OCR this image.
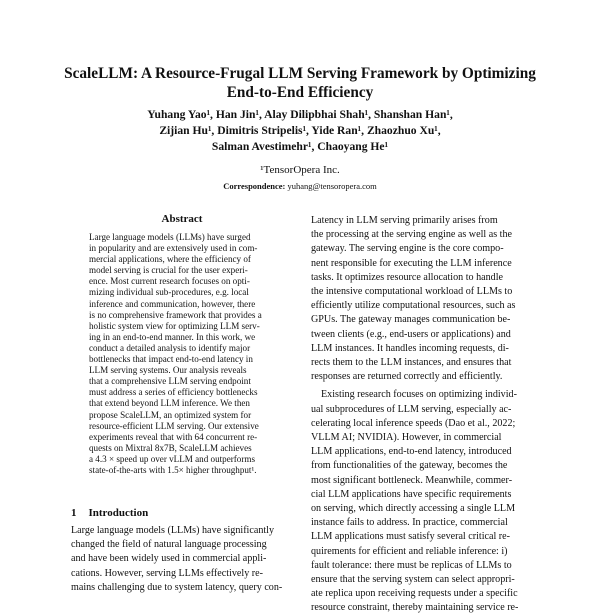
ScaleLLM: A Resource-Frugal LLM Serving Framework by Optimizing
End-to-End Efficiency
Yuhang Yao¹, Han Jin¹, Alay Dilipbhai Shah¹, Shanshan Han¹,
Zijian Hu¹, Dimitris Stripelis¹, Yide Ran¹, Zhaozhuo Xu¹,
Salman Avestimehr¹, Chaoyang He¹
¹TensorOpera Inc.
Correspondence: yuhang@tensoropera.com
Abstract
Large language models (LLMs) have surged
in popularity and are extensively used in com-
mercial applications, where the efficiency of
model serving is crucial for the user experi-
ence. Most current research focuses on opti-
mizing individual sub-procedures, e.g. local
inference and communication, however, there
is no comprehensive framework that provides a
holistic system view for optimizing LLM serv-
ing in an end-to-end manner. In this work, we
conduct a detailed analysis to identify major
bottlenecks that impact end-to-end latency in
LLM serving systems. Our analysis reveals
that a comprehensive LLM serving endpoint
must address a series of efficiency bottlenecks
that extend beyond LLM inference. We then
propose ScaleLLM, an optimized system for
resource-efficient LLM serving. Our extensive
experiments reveal that with 64 concurrent re-
quests on Mixtral 8x7B, ScaleLLM achieves
a 4.3 × speed up over vLLM and outperforms
state-of-the-arts with 1.5× higher throughput¹.
1 Introduction
Large language models (LLMs) have significantly
changed the field of natural language processing
and have been widely used in commercial appli-
cations. However, serving LLMs effectively re-
mains challenging due to system latency, query con-
Latency in LLM serving primarily arises from
the processing at the serving engine as well as the
gateway. The serving engine is the core compo-
nent responsible for executing the LLM inference
tasks. It optimizes resource allocation to handle
the intensive computational workload of LLMs to
efficiently utilize computational resources, such as
GPUs. The gateway manages communication be-
tween clients (e.g., end-users or applications) and
LLM instances. It handles incoming requests, di-
rects them to the LLM instances, and ensures that
responses are returned correctly and efficiently.
Existing research focuses on optimizing individ-
ual subprocedures of LLM serving, especially ac-
celerating local inference speeds (Dao et al., 2022;
VLLM AI; NVIDIA). However, in commercial
LLM applications, end-to-end latency, introduced
from functionalities of the gateway, becomes the
most significant bottleneck. Meanwhile, commer-
cial LLM applications have specific requirements
on serving, which directly accessing a single LLM
instance fails to address. In practice, commercial
LLM applications must satisfy several critical re-
quirements for efficient and reliable inference: i)
fault tolerance: there must be replicas of LLMs to
ensure that the serving system can select appropri-
ate replica upon receiving requests under a specific
resource constraint, thereby maintaining service re-
